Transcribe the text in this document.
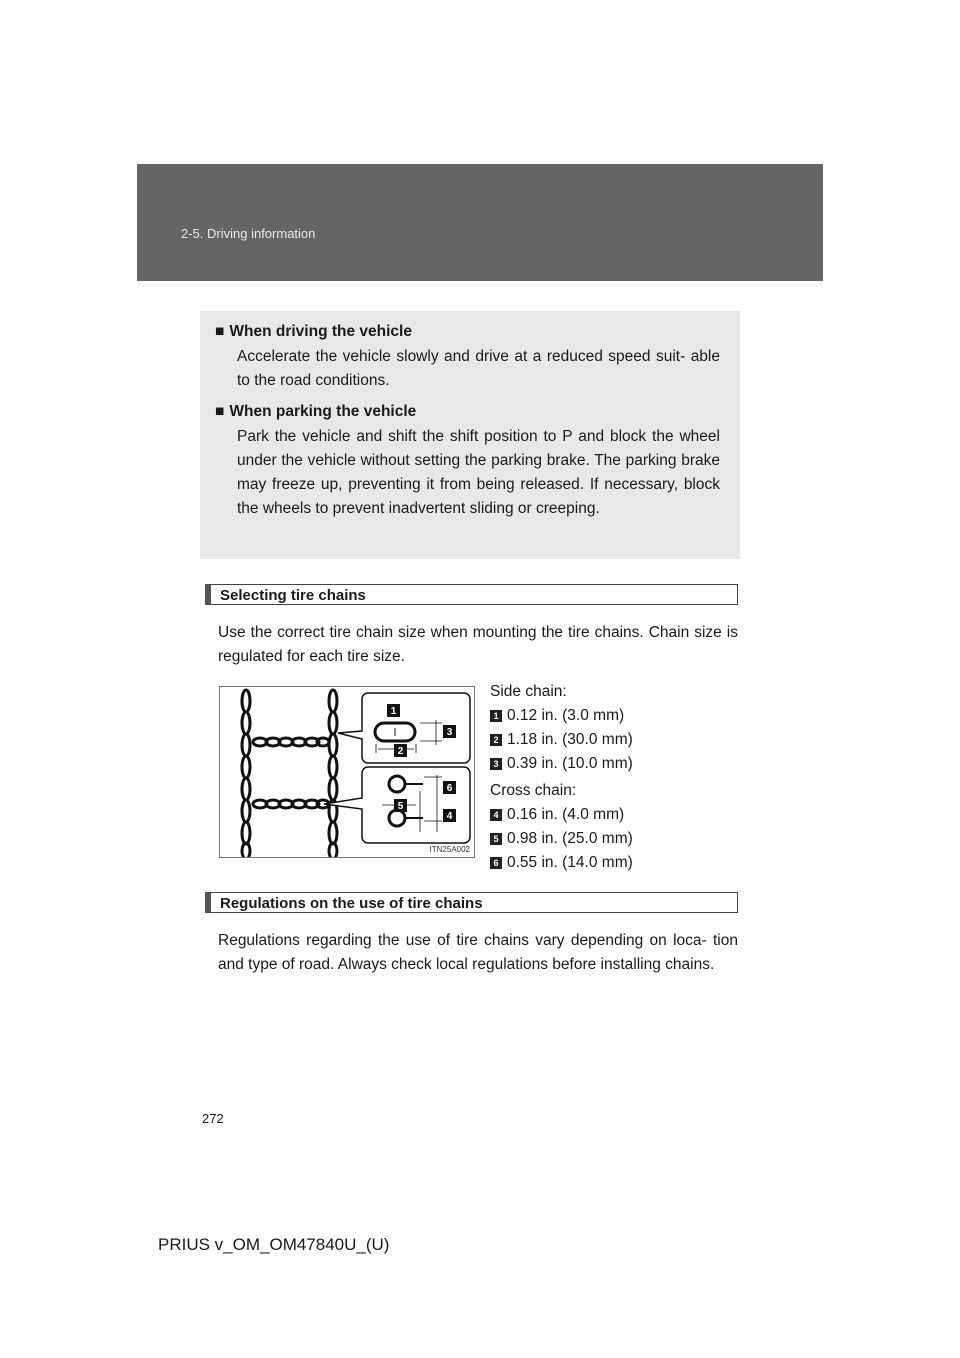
2-5. Driving information

■ When driving the vehicle

Accelerate the vehicle slowly and drive at a reduced speed suit- able to the road conditions.

■ When parking the vehicle

Park the vehicle and shift the shift position to P and block the wheel under the vehicle without setting the parking brake. The parking brake may freeze up, preventing it from being released. If necessary, block the wheels to prevent inadvertent sliding or creeping.

Selecting tire chains
Use the correct tire chain size when mounting the tire chains. Chain size is regulated for each tire size.
1
2
3
4
5
6
ITN25A002
Side chain:
1 0.12 in. (3.0 mm)
2 1.18 in. (30.0 mm)
3 0.39 in. (10.0 mm)
Cross chain:
4 0.16 in. (4.0 mm)
5 0.98 in. (25.0 mm)
6 0.55 in. (14.0 mm)
Regulations on the use of tire chains
Regulations regarding the use of tire chains vary depending on loca- tion and type of road. Always check local regulations before installing chains.
272
PRIUS v_OM_OM47840U_(U)
